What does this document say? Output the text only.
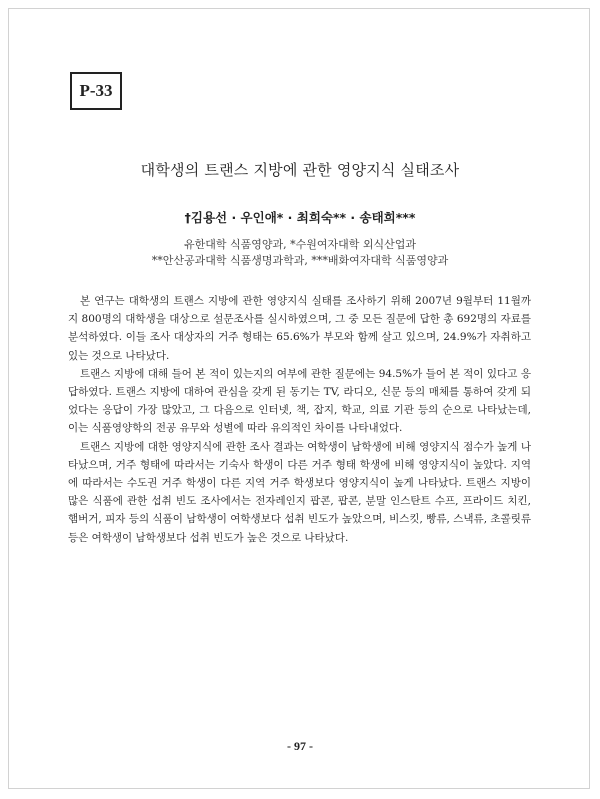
P-33
대학생의 트랜스 지방에 관한 영양지식 실태조사
†김용선 · 우인애* · 최희숙** · 송태희***
유한대학 식품영양과, *수원여자대학 외식산업과
**안산공과대학 식품생명과학과, ***배화여자대학 식품영양과

본 연구는 대학생의 트랜스 지방에 관한 영양지식 실태를 조사하기 위해 2007년 9월부터 11월까지 800명의 대학생을 대상으로 설문조사를 실시하였으며, 그 중 모든 질문에 답한 총 692명의 자료를 분석하였다. 이들 조사 대상자의 거주 형태는 65.6%가 부모와 함께 살고 있으며, 24.9%가 자취하고 있는 것으로 나타났다.

트랜스 지방에 대해 들어 본 적이 있는지의 여부에 관한 질문에는 94.5%가 들어 본 적이 있다고 응답하였다. 트랜스 지방에 대하여 관심을 갖게 된 동기는 TV, 라디오, 신문 등의 매체를 통하여 갖게 되었다는 응답이 가장 많았고, 그 다음으로 인터넷, 책, 잡지, 학교, 의료 기관 등의 순으로 나타났는데, 이는 식품영양학의 전공 유무와 성별에 따라 유의적인 차이를 나타내었다.

트랜스 지방에 대한 영양지식에 관한 조사 결과는 여학생이 남학생에 비해 영양지식 점수가 높게 나타났으며, 거주 형태에 따라서는 기숙사 학생이 다른 거주 형태 학생에 비해 영양지식이 높았다. 지역에 따라서는 수도권 거주 학생이 다른 지역 거주 학생보다 영양지식이 높게 나타났다. 트랜스 지방이 많은 식품에 관한 섭취 빈도 조사에서는 전자레인지 팝콘, 팝콘, 분말 인스탄트 수프, 프라이드 치킨, 햄버거, 피자 등의 식품이 남학생이 여학생보다 섭취 빈도가 높았으며, 비스킷, 빵류, 스낵류, 초콜릿류 등은 여학생이 남학생보다 섭취 빈도가 높은 것으로 나타났다.

- 97 -
